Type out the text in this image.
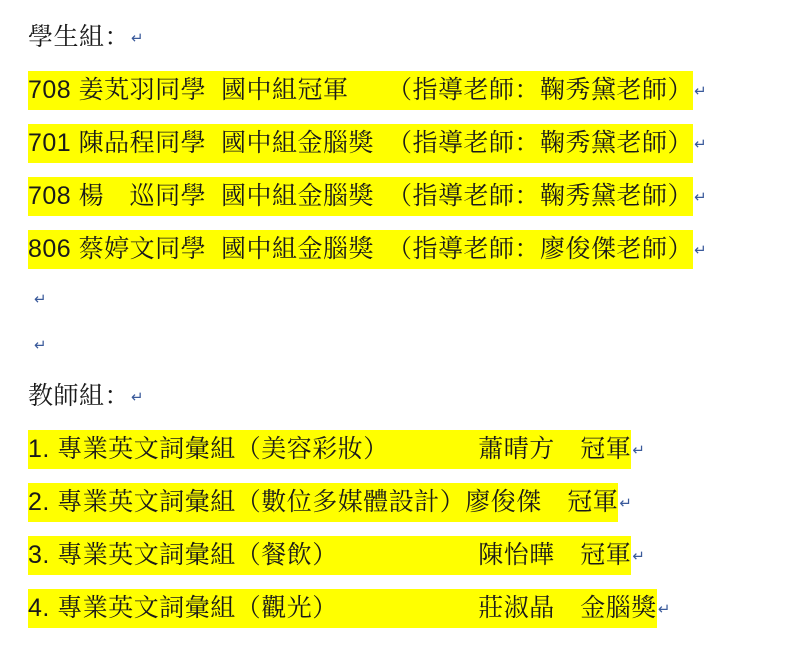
學生組： ↵
708 姜芄羽同學  國中組冠軍　　（指導老師：鞠秀黛老師） ↵
701 陳品程同學  國中組金腦獎　（指導老師：鞠秀黛老師） ↵
708 楊　巡同學  國中組金腦獎　（指導老師：鞠秀黛老師） ↵
806 蔡婷文同學  國中組金腦獎　（指導老師：廖俊傑老師） ↵
↵
↵
教師組： ↵
1. 專業英文詞彙組（美容彩妝）　　　　蕭晴方　冠軍 ↵
2. 專業英文詞彙組（數位多媒體設計）廖俊傑　冠軍 ↵
3. 專業英文詞彙組（餐飲）　　　　　　陳怡曄　冠軍 ↵
4. 專業英文詞彙組（觀光）　　　　　　莊淑晶　金腦獎 ↵
